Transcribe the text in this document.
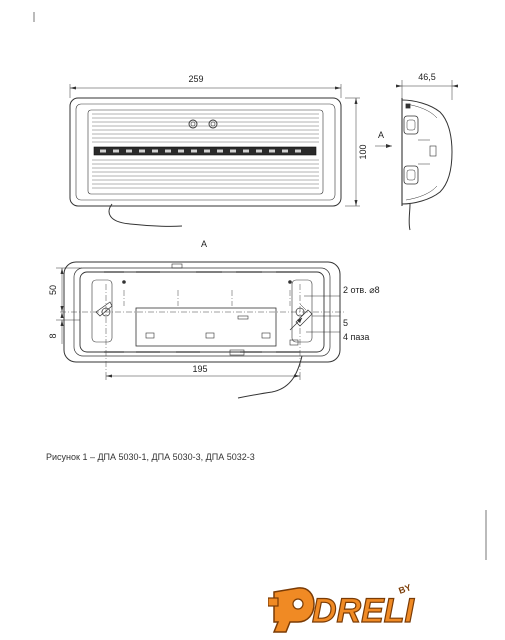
259
100
46,5
A
A
50
8
195
2 отв. ⌀8
5
4 паза
Рисунок 1 – ДПА 5030-1, ДПА 5030-3, ДПА 5032-3
DRELI
BY
